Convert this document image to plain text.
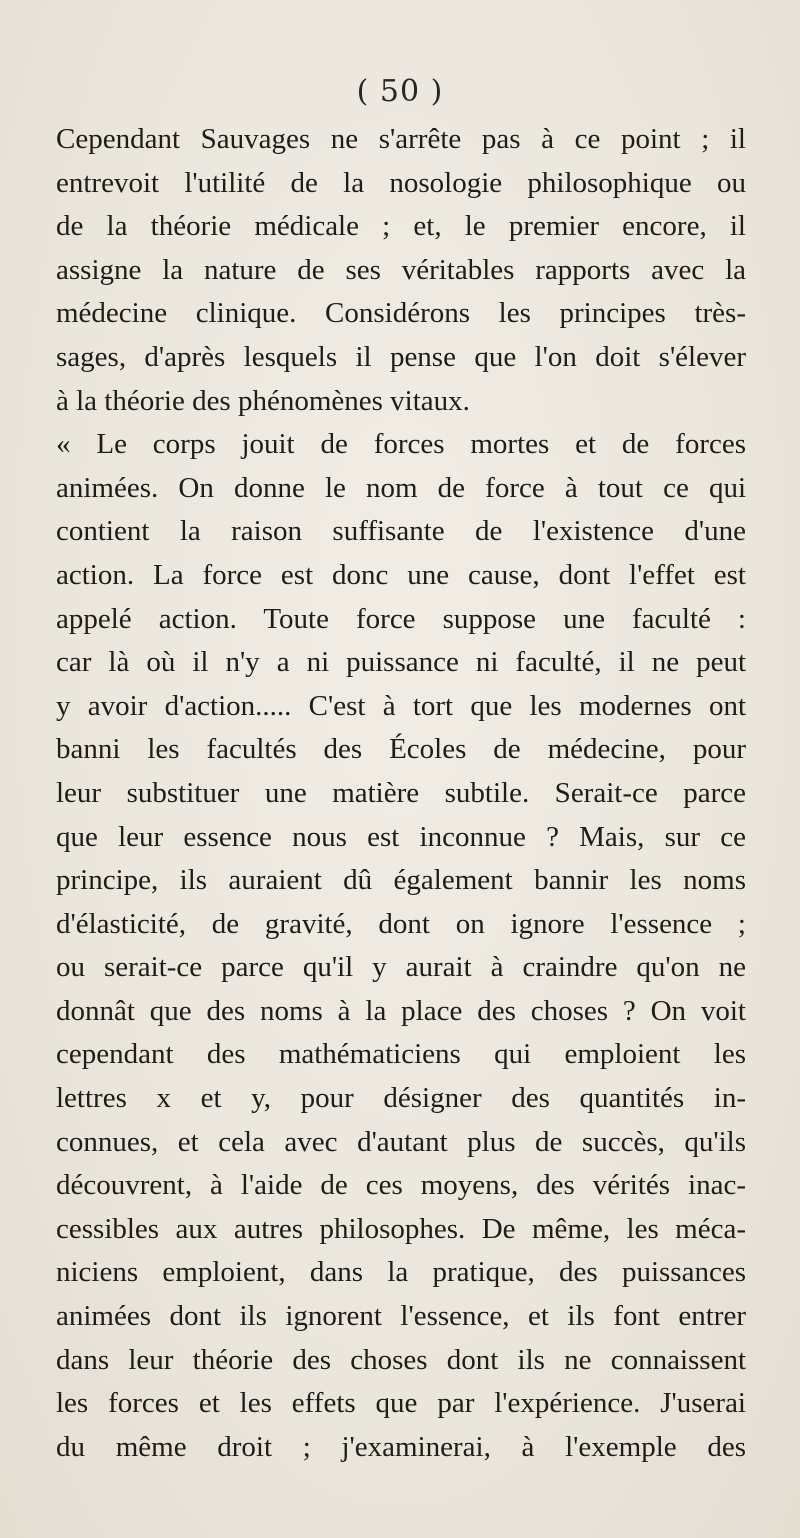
( 50 )
Cependant Sauvages ne s'arrête pas à ce point ; il
entrevoit l'utilité de la nosologie philosophique ou
de la théorie médicale ; et, le premier encore, il
assigne la nature de ses véritables rapports avec la
médecine clinique. Considérons les principes très-
sages, d'après lesquels il pense que l'on doit s'élever
à la théorie des phénomènes vitaux.
« Le corps jouit de forces mortes et de forces
animées. On donne le nom de force à tout ce qui
contient la raison suffisante de l'existence d'une
action. La force est donc une cause, dont l'effet est
appelé action. Toute force suppose une faculté :
car là où il n'y a ni puissance ni faculté, il ne peut
y avoir d'action..... C'est à tort que les modernes ont
banni les facultés des Écoles de médecine, pour
leur substituer une matière subtile. Serait-ce parce
que leur essence nous est inconnue ? Mais, sur ce
principe, ils auraient dû également bannir les noms
d'élasticité, de gravité, dont on ignore l'essence ;
ou serait-ce parce qu'il y aurait à craindre qu'on ne
donnât que des noms à la place des choses ? On voit
cependant des mathématiciens qui emploient les
lettres x et y, pour désigner des quantités in-
connues, et cela avec d'autant plus de succès, qu'ils
découvrent, à l'aide de ces moyens, des vérités inac-
cessibles aux autres philosophes. De même, les méca-
niciens emploient, dans la pratique, des puissances
animées dont ils ignorent l'essence, et ils font entrer
dans leur théorie des choses dont ils ne connaissent
les forces et les effets que par l'expérience. J'userai
du même droit ; j'examinerai, à l'exemple des
